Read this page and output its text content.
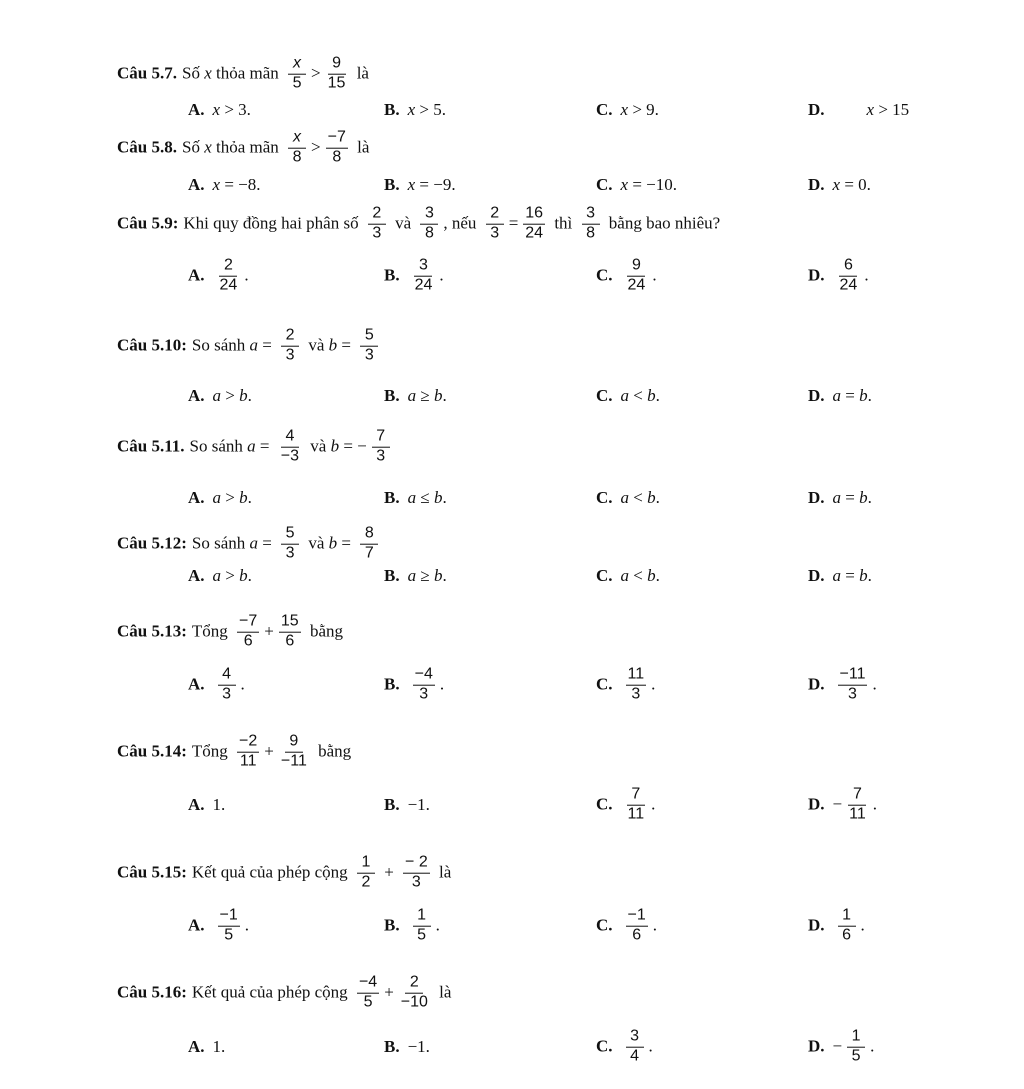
Câu 5.7. Số x thỏa mãn $\frac{x}{5} > \frac{9}{15}$ là
A. x > 3.	B. x > 5.	C. x > 9.	D.
x > 15
Câu 5.8. Số x thỏa mãn $\frac{x}{8} > \frac{-7}{8}$ là
A. x = −8.	B. x = −9.	C. x = −10.	D. x = 0.
Câu 5.9: Khi quy đồng hai phân số $\frac{2}{3}$ và $\frac{3}{8}$ , nếu $\frac{2}{3} = \frac{16}{24}$ thì $\frac{3}{8}$ bằng bao nhiêu?
A. $\frac{2}{24}$ .	B. $\frac{3}{24}$ .	C. $\frac{9}{24}$ .	D. $\frac{6}{24}$ .
Câu 5.10: So sánh $a = \frac{2}{3}$ và $b = \frac{5}{3}$
A. a > b .	B. a ≥ b .	C. a < b .	D. a = b .
Câu 5.11. So sánh $a = \frac{4}{-3}$ và b = − $\frac{7}{3}$
A. a > b .	B. a ≤ b .	C. a < b .	D. a = b .
Câu 5.12: So sánh $a = \frac{5}{3}$ và $b = \frac{8}{7}$
A. a > b .	B. a ≥ b .	C. a < b .	D. a = b .
Câu 5.13: Tổng $\frac{-7}{6} + \frac{15}{6}$ bằng
A. $\frac{4}{3}$ .	B. $\frac{-4}{3}$ .	C. $\frac{11}{3}$ .	D. $\frac{-11}{3}$ .
Câu 5.14: Tổng $\frac{-2}{11} + \frac{9}{-11}$ bằng
A. 1.	B. −1.	C. $\frac{7}{11}$ .	D. − $\frac{7}{11}$ .
Câu 5.15: Kết quả của phép cộng $\frac{1}{2} + \frac{- 2}{3}$ là
A. $\frac{-1}{5}$ .	B. $\frac{1}{5}$ .	C. $\frac{-1}{6}$ .	D. $\frac{1}{6}$ .
Câu 5.16: Kết quả của phép cộng $\frac{-4}{5} + \frac{2}{-10}$ là
A. 1.	B. −1.	C. $\frac{3}{4}$ .	D. − $\frac{1}{5}$ .
